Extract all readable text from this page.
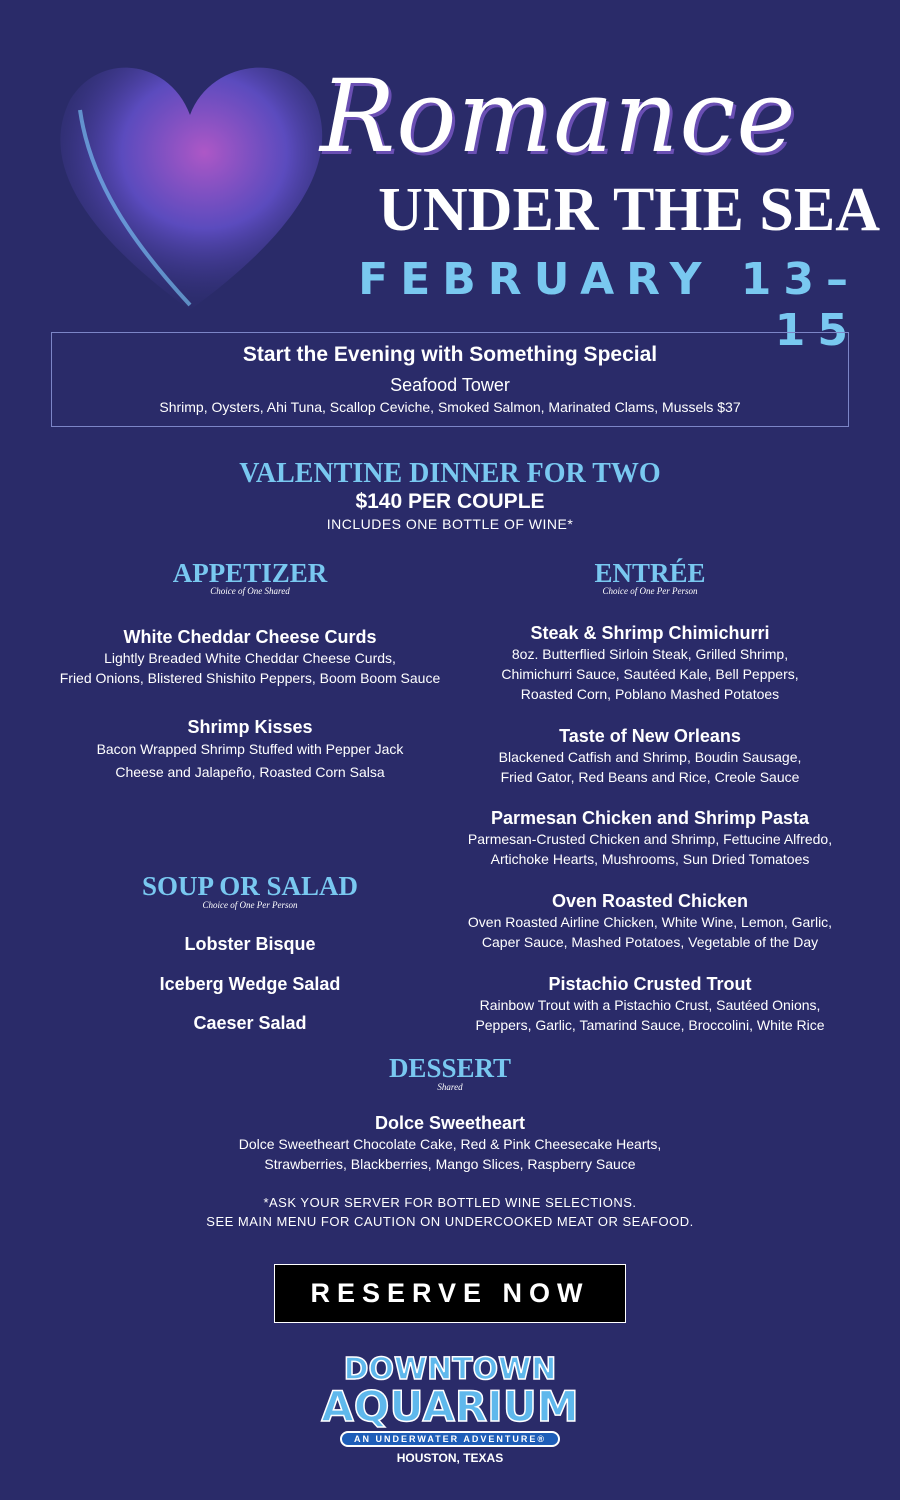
Romance
UNDER THE SEA
FEBRUARY 13–15
Start the Evening with Something Special
Seafood Tower
Shrimp, Oysters, Ahi Tuna, Scallop Ceviche, Smoked Salmon, Marinated Clams, Mussels $37
VALENTINE DINNER FOR TWO
$140 PER COUPLE
INCLUDES ONE BOTTLE OF WINE*
APPETIZER
Choice of One Shared
White Cheddar Cheese Curds
Lightly Breaded White Cheddar Cheese Curds,
Fried Onions, Blistered Shishito Peppers, Boom Boom Sauce
Shrimp Kisses
Bacon Wrapped Shrimp Stuffed with Pepper Jack
Cheese and Jalapeño, Roasted Corn Salsa
SOUP OR SALAD
Choice of One Per Person
Lobster Bisque
Iceberg Wedge Salad
Caeser Salad
ENTRÉE
Choice of One Per Person
Steak & Shrimp Chimichurri
8oz. Butterflied Sirloin Steak, Grilled Shrimp,
Chimichurri Sauce, Sautéed Kale, Bell Peppers,
Roasted Corn, Poblano Mashed Potatoes
Taste of New Orleans
Blackened Catfish and Shrimp, Boudin Sausage,
Fried Gator, Red Beans and Rice, Creole Sauce
Parmesan Chicken and Shrimp Pasta
Parmesan-Crusted Chicken and Shrimp, Fettucine Alfredo,
Artichoke Hearts, Mushrooms, Sun Dried Tomatoes
Oven Roasted Chicken
Oven Roasted Airline Chicken, White Wine, Lemon, Garlic,
Caper Sauce, Mashed Potatoes, Vegetable of the Day
Pistachio Crusted Trout
Rainbow Trout with a Pistachio Crust, Sautéed Onions,
Peppers, Garlic, Tamarind Sauce, Broccolini, White Rice
DESSERT
Shared
Dolce Sweetheart
Dolce Sweetheart Chocolate Cake, Red & Pink Cheesecake Hearts,
Strawberries, Blackberries, Mango Slices, Raspberry Sauce
*ASK YOUR SERVER FOR BOTTLED WINE SELECTIONS.
SEE MAIN MENU FOR CAUTION ON UNDERCOOKED MEAT OR SEAFOOD.
RESERVE NOW
DOWNTOWN
AQUARIUM
AN UNDERWATER ADVENTURE®
HOUSTON, TEXAS
